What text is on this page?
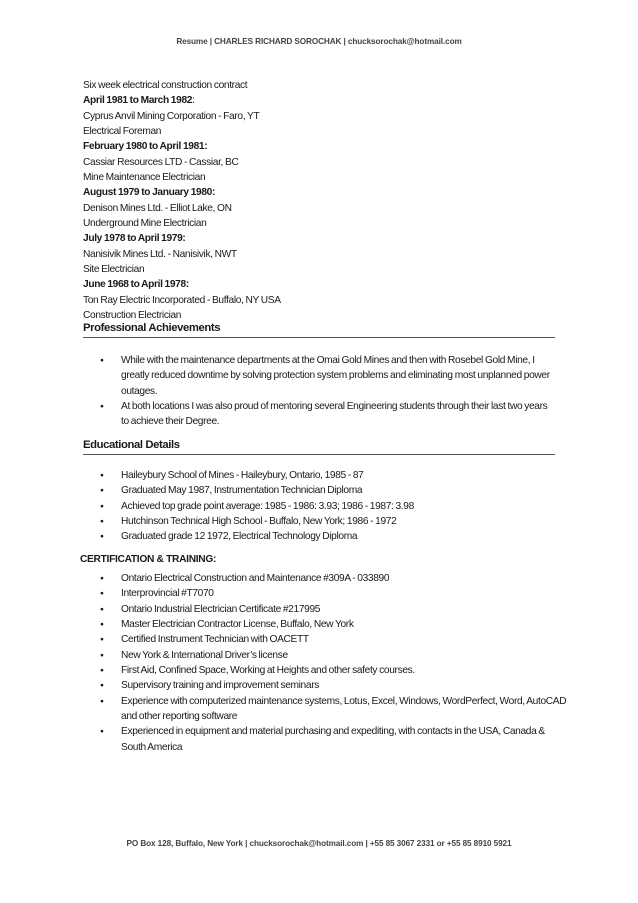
Resume | CHARLES RICHARD SOROCHAK | chucksorochak@hotmail.com
Six week electrical construction contract
April 1981 to March 1982:
Cyprus Anvil Mining Corporation - Faro, YT
Electrical Foreman
February 1980 to April 1981:
Cassiar Resources LTD - Cassiar, BC
Mine Maintenance Electrician
August 1979 to January 1980:
Denison Mines Ltd. - Elliot Lake, ON
Underground Mine Electrician
July 1978 to April 1979:
Nanisivik Mines Ltd. - Nanisivik, NWT
Site Electrician
June 1968 to April 1978:
Ton Ray Electric Incorporated - Buffalo, NY USA
Construction Electrician
Professional Achievements
● While with the maintenance departments at the Omai Gold Mines and then with Rosebel Gold Mine, I greatly reduced downtime by solving protection system problems and eliminating most unplanned power outages.
● At both locations I was also proud of mentoring several Engineering students through their last two years to achieve their Degree.
Educational Details
● Haileybury School of Mines - Haileybury, Ontario, 1985 - 87
● Graduated May 1987, Instrumentation Technician Diploma
● Achieved top grade point average: 1985 - 1986: 3.93; 1986 - 1987: 3.98
● Hutchinson Technical High School - Buffalo, New York; 1986 - 1972
● Graduated grade 12 1972, Electrical Technology Diploma
CERTIFICATION & TRAINING:
● Ontario Electrical Construction and Maintenance #309A - 033890
● Interprovincial #T7070
● Ontario Industrial Electrician Certificate #217995
● Master Electrician Contractor License, Buffalo, New York
● Certified Instrument Technician with OACETT
● New York & International Driver’s license
● First Aid, Confined Space, Working at Heights and other safety courses.
● Supervisory training and improvement seminars
● Experience with computerized maintenance systems, Lotus, Excel, Windows, WordPerfect, Word, AutoCAD and other reporting software
● Experienced in equipment and material purchasing and expediting, with contacts in the USA, Canada & South America
PO Box 128, Buffalo, New York | chucksorochak@hotmail.com | +55 85 3067 2331 or +55 85 8910 5921
